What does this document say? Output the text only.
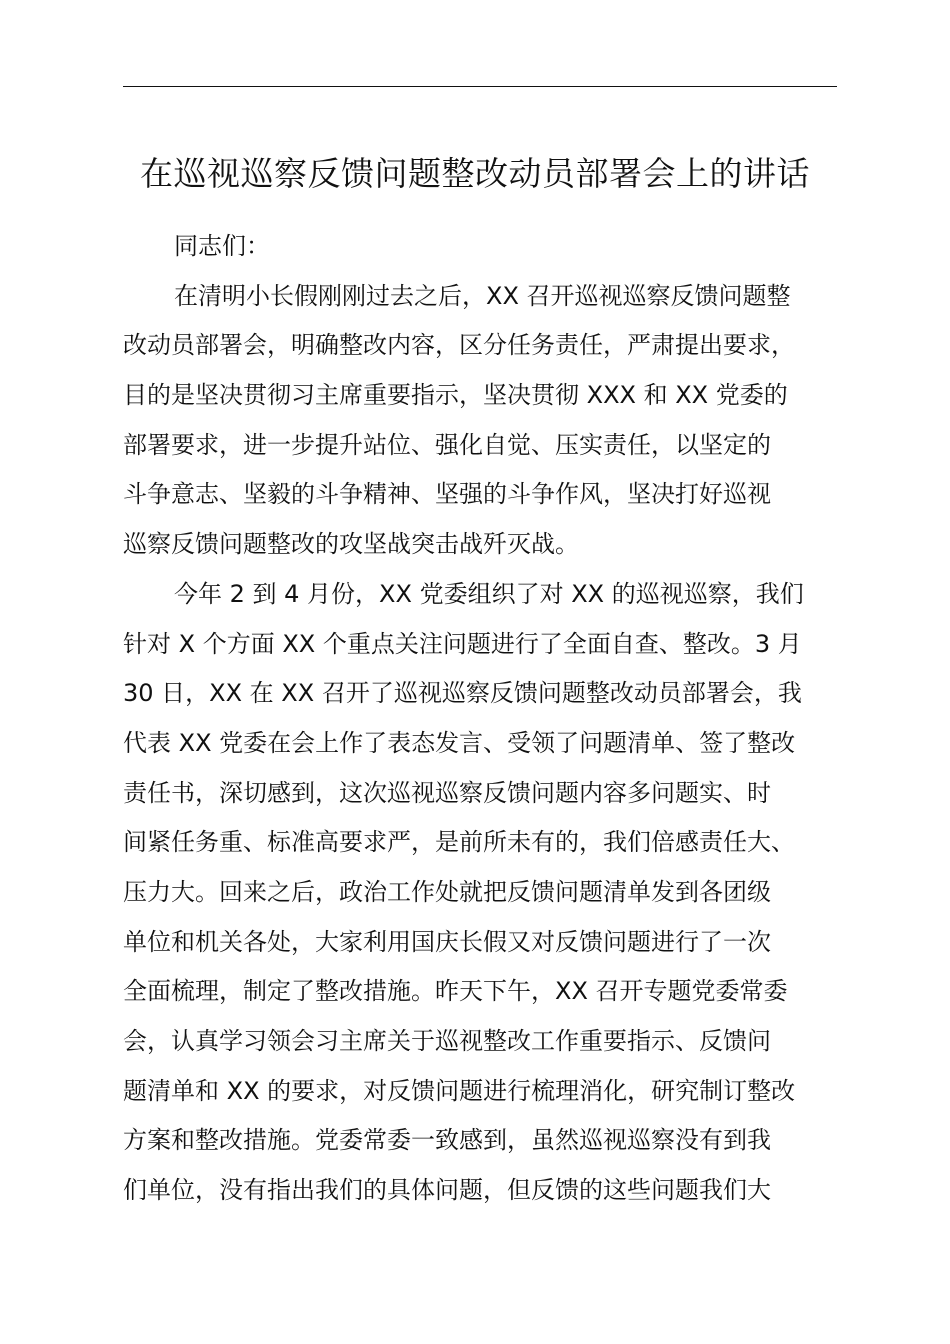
在巡视巡察反馈问题整改动员部署会上的讲话
同志们：
在清明小长假刚刚过去之后，XX 召开巡视巡察反馈问题整
改动员部署会，明确整改内容，区分任务责任，严肃提出要求，
目的是坚决贯彻习主席重要指示，坚决贯彻 XXX 和 XX 党委的
部署要求，进一步提升站位、强化自觉、压实责任，以坚定的
斗争意志、坚毅的斗争精神、坚强的斗争作风，坚决打好巡视
巡察反馈问题整改的攻坚战突击战歼灭战。
今年 2 到 4 月份，XX 党委组织了对 XX 的巡视巡察，我们
针对 X 个方面 XX 个重点关注问题进行了全面自查、整改。3 月
30 日，XX 在 XX 召开了巡视巡察反馈问题整改动员部署会，我
代表 XX 党委在会上作了表态发言、受领了问题清单、签了整改
责任书，深切感到，这次巡视巡察反馈问题内容多问题实、时
间紧任务重、标准高要求严，是前所未有的，我们倍感责任大、
压力大。回来之后，政治工作处就把反馈问题清单发到各团级
单位和机关各处，大家利用国庆长假又对反馈问题进行了一次
全面梳理，制定了整改措施。昨天下午，XX 召开专题党委常委
会，认真学习领会习主席关于巡视整改工作重要指示、反馈问
题清单和 XX 的要求，对反馈问题进行梳理消化，研究制订整改
方案和整改措施。党委常委一致感到，虽然巡视巡察没有到我
们单位，没有指出我们的具体问题，但反馈的这些问题我们大
